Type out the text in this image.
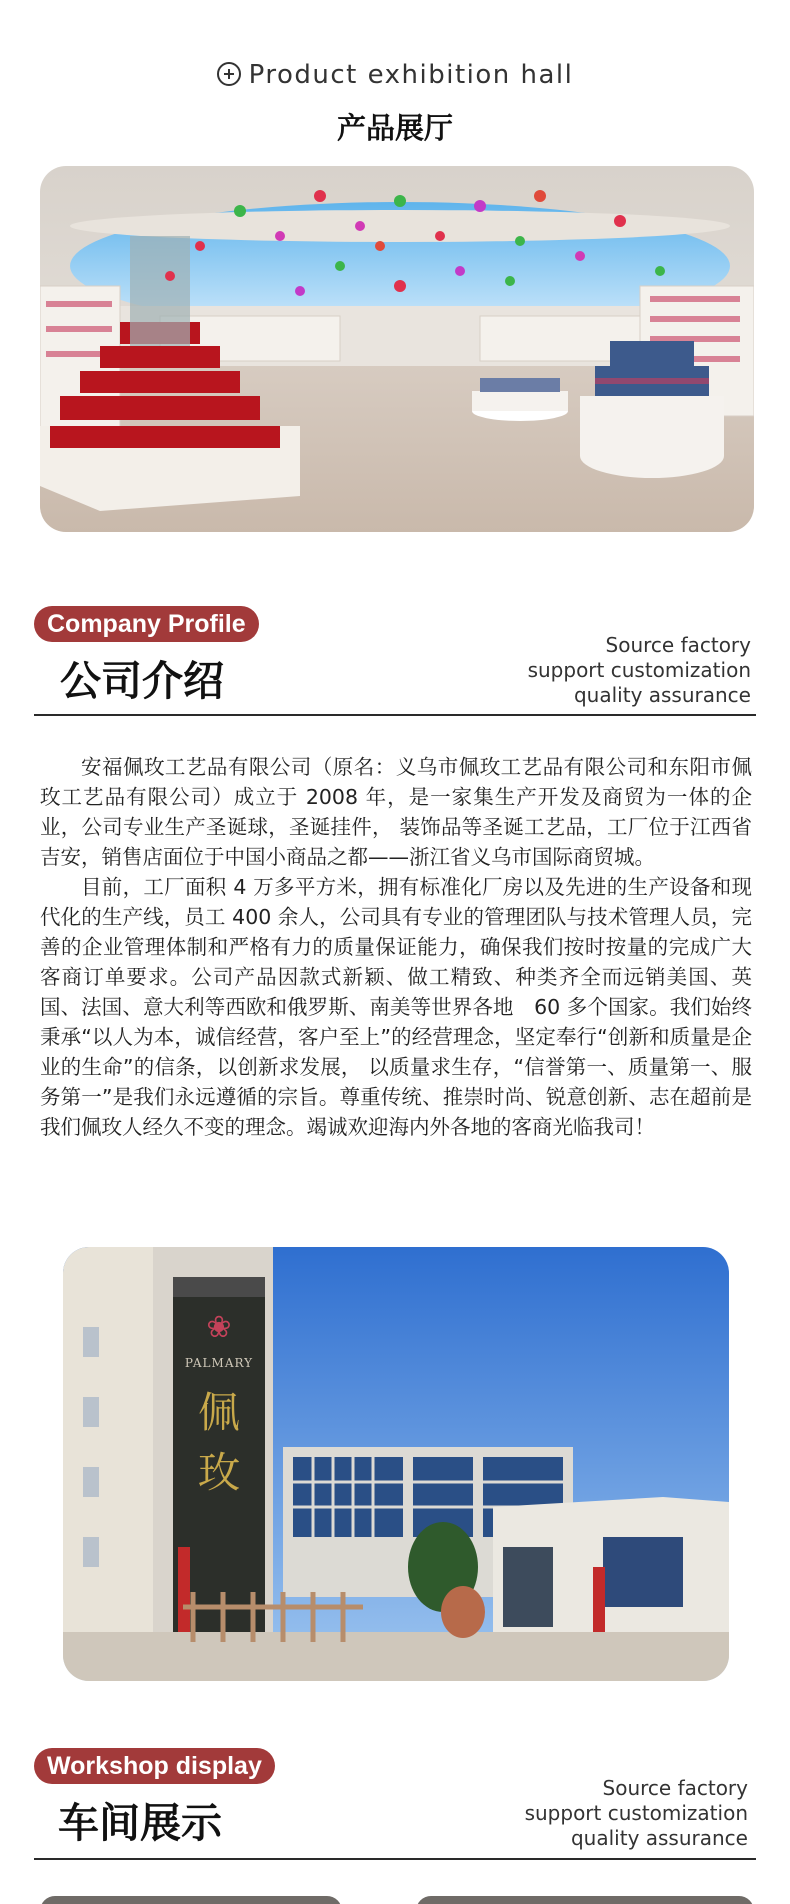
Product exhibition hall
产品展厅
Company Profile
公司介绍
Source factory
support customization
quality assurance

安福佩玫工艺品有限公司（原名：义乌市佩玫工艺品有限公司和东阳市佩玫工艺品有限公司）成立于 2008 年，是一家集生产开发及商贸为一体的企业，公司专业生产圣诞球，圣诞挂件， 装饰品等圣诞工艺品，工厂位于江西省吉安，销售店面位于中国小商品之都——浙江省义乌市国际商贸城。

目前，工厂面积 4 万多平方米，拥有标准化厂房以及先进的生产设备和现代化的生产线，员工 400 余人，公司具有专业的管理团队与技术管理人员，完善的企业管理体制和严格有力的质量保证能力，确保我们按时按量的完成广大客商订单要求。公司产品因款式新颖、做工精致、种类齐全而远销美国、英国、法国、意大利等西欧和俄罗斯、南美等世界各地　60 多个国家。我们始终秉承“以人为本，诚信经营，客户至上”的经营理念，坚定奉行“创新和质量是企业的生命”的信条，以创新求发展， 以质量求生存，“信誉第一、质量第一、服务第一”是我们永远遵循的宗旨。尊重传统、推崇时尚、锐意创新、志在超前是我们佩玫人经久不变的理念。竭诚欢迎海内外各地的客商光临我司！

❀
PALMARY
佩
玫
Workshop display
车间展示
Source factory
support customization
quality assurance
